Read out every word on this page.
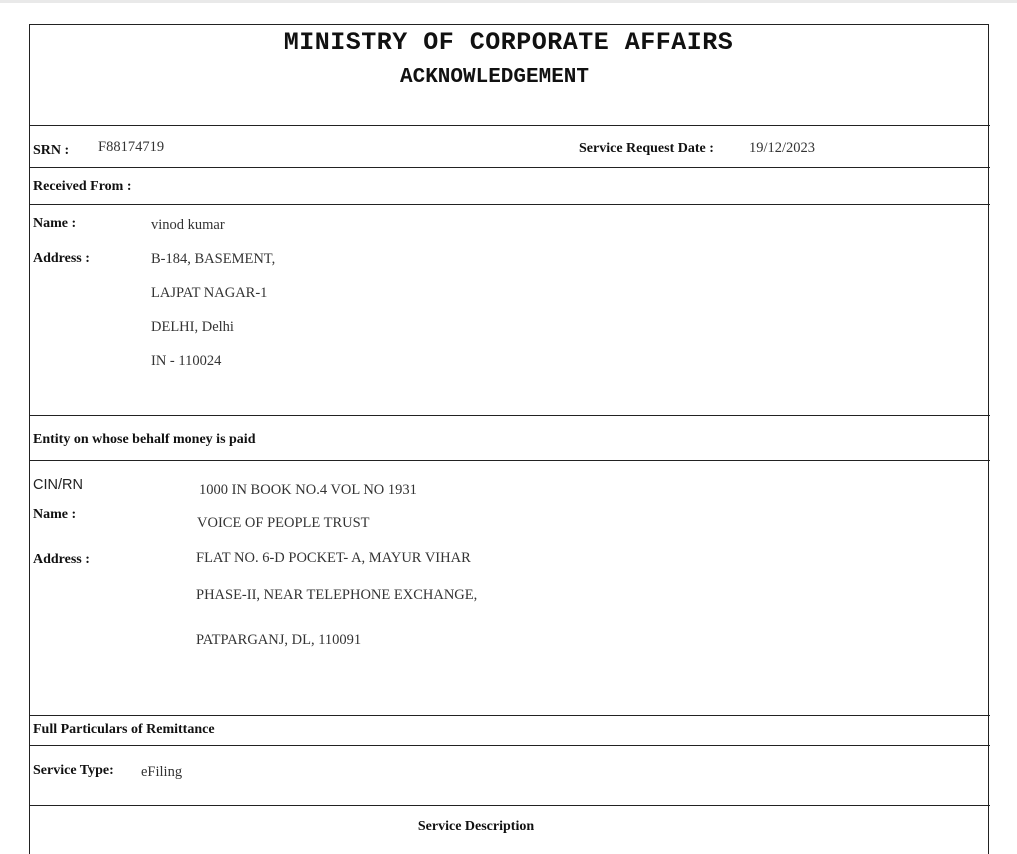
MINISTRY OF CORPORATE AFFAIRS
ACKNOWLEDGEMENT
SRN : F88174719	Service Request Date : 19/12/2023
Received From :
Name :	vinod kumar
Address :	B-184, BASEMENT,
LAJPAT NAGAR-1
DELHI, Delhi
IN - 110024
Entity on whose behalf money is paid
CIN/RN	1000 IN BOOK NO.4 VOL NO 1931
Name :
VOICE OF PEOPLE TRUST
Address :	FLAT NO. 6-D POCKET- A, MAYUR VIHAR
PHASE-II, NEAR TELEPHONE EXCHANGE,
PATPARGANJ, DL, 110091
Full Particulars of Remittance
Service Type: eFiling
Service Description
